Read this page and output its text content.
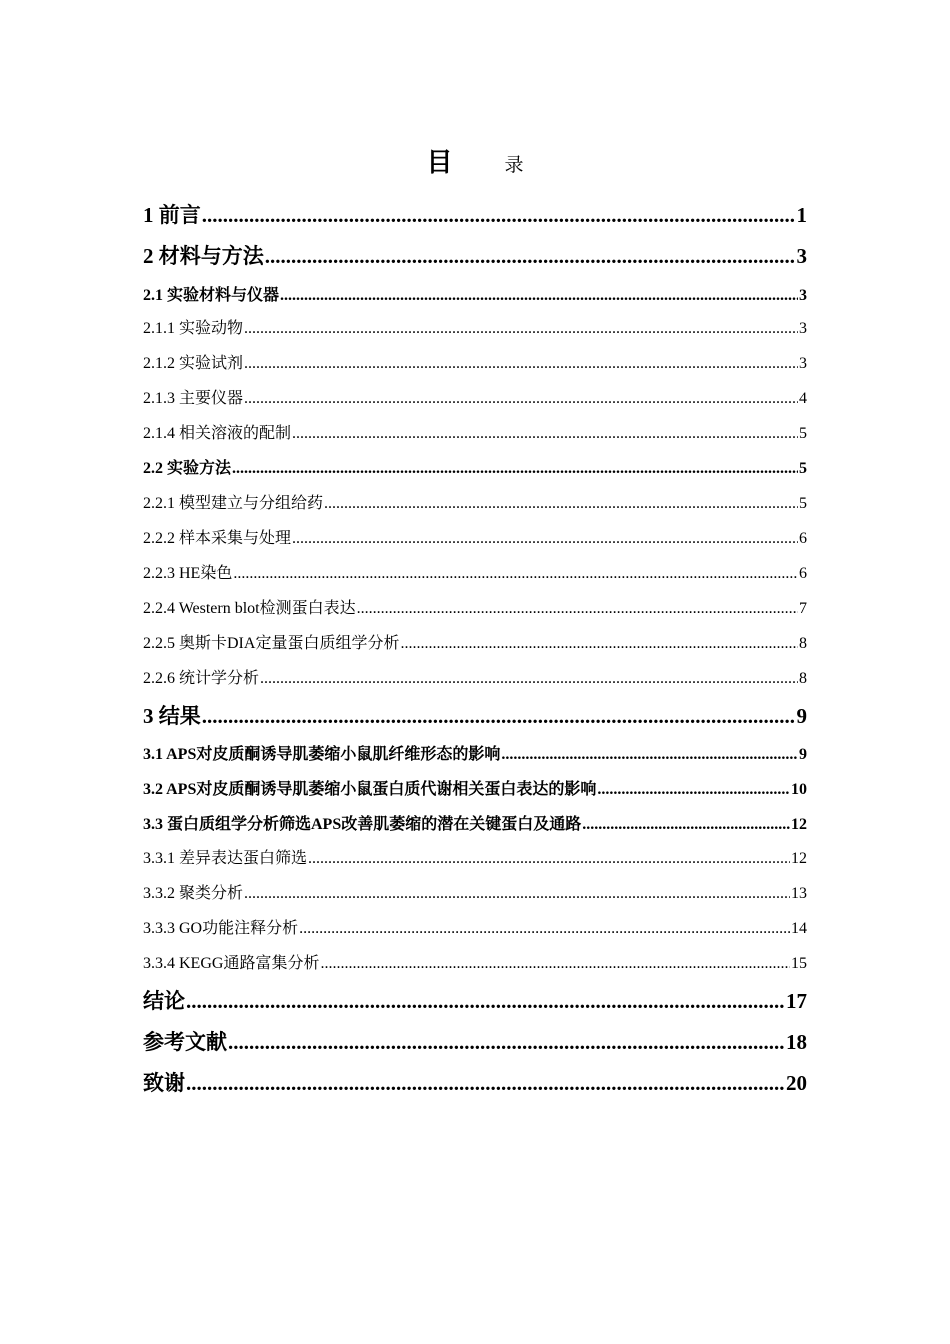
目	录
1 前言 .....	1
2 材料与方法 .....	3
2.1 实验材料与仪器 .....	3
2.1.1 实验动物 .....	3
2.1.2 实验试剂 .....	3
2.1.3 主要仪器 .....	4
2.1.4 相关溶液的配制 .....	5
2.2 实验方法 .....	5
2.2.1 模型建立与分组给药 .....	5
2.2.2 样本采集与处理 .....	6
2.2.3 HE染色 .....	6
2.2.4 Western blot检测蛋白表达 .....	7
2.2.5 奥斯卡DIA定量蛋白质组学分析 .....	8
2.2.6 统计学分析 .....	8
3 结果 .....	9
3.1 APS对皮质酮诱导肌萎缩小鼠肌纤维形态的影响 .....	9
3.2 APS对皮质酮诱导肌萎缩小鼠蛋白质代谢相关蛋白表达的影响 .....	10
3.3 蛋白质组学分析筛选APS改善肌萎缩的潜在关键蛋白及通路 .....	12
3.3.1 差异表达蛋白筛选 .....	12
3.3.2 聚类分析 .....	13
3.3.3 GO功能注释分析 .....	14
3.3.4 KEGG通路富集分析 .....	15
结论 .....	17
参考文献 .....	18
致谢 .....	20
